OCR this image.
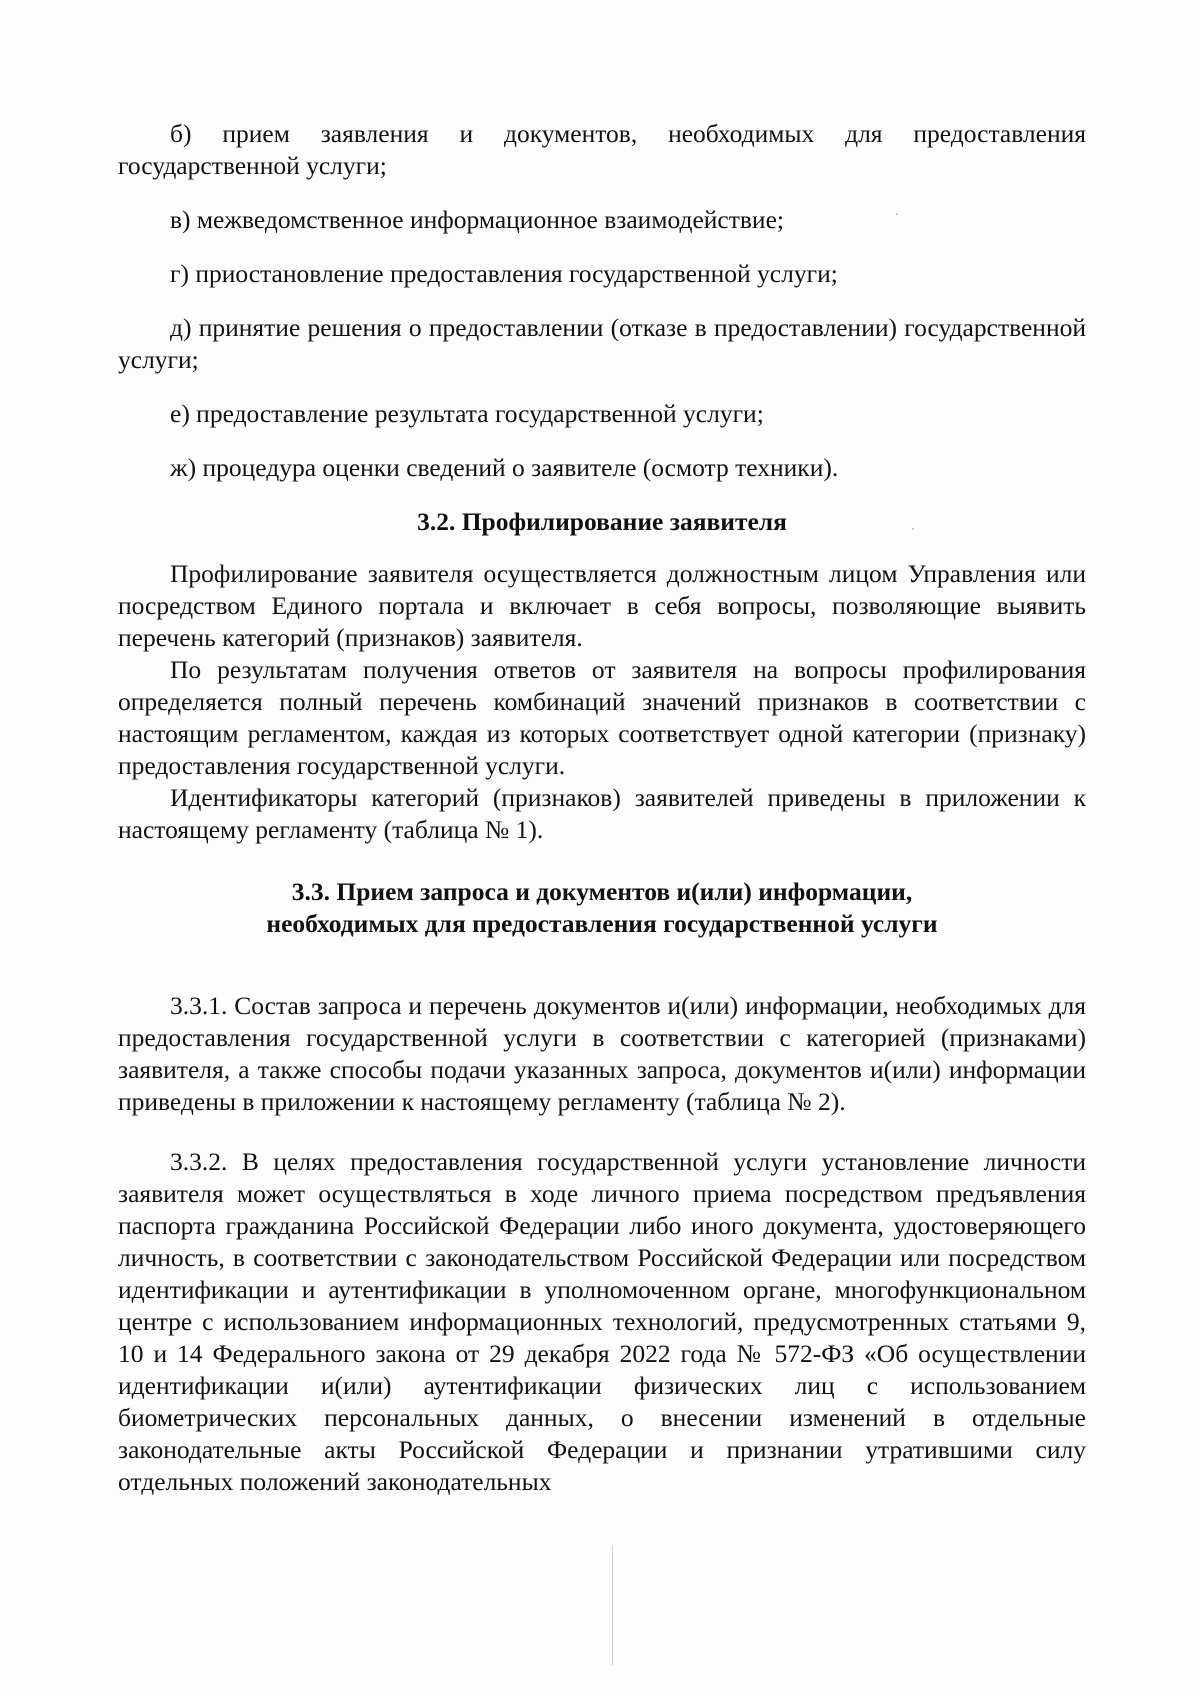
б) прием заявления и документов, необходимых для предоставления государственной услуги;

в) межведомственное информационное взаимодействие;

г) приостановление предоставления государственной услуги;

д) принятие решения о предоставлении (отказе в предоставлении) государственной услуги;

е) предоставление результата государственной услуги;

ж) процедура оценки сведений о заявителе (осмотр техники).

3.2. Профилирование заявителя

Профилирование заявителя осуществляется должностным лицом Управления или посредством Единого портала и включает в себя вопросы, позволяющие выявить перечень категорий (признаков) заявителя.

По результатам получения ответов от заявителя на вопросы профилирования определяется полный перечень комбинаций значений признаков в соответствии с настоящим регламентом, каждая из которых соответствует одной категории (признаку) предоставления государственной услуги.

Идентификаторы категорий (признаков) заявителей приведены в приложении к настоящему регламенту (таблица № 1).

3.3. Прием запроса и документов и(или) информации,
необходимых для предоставления государственной услуги

3.3.1. Состав запроса и перечень документов и(или) информации, необходимых для предоставления государственной услуги в соответствии с категорией (признаками) заявителя, а также способы подачи указанных запроса, документов и(или) информации приведены в приложении к настоящему регламенту (таблица № 2).

3.3.2. В целях предоставления государственной услуги установление личности заявителя может осуществляться в ходе личного приема посредством предъявления паспорта гражданина Российской Федерации либо иного документа, удостоверяющего личность, в соответствии с законодательством Российской Федерации или посредством идентификации и аутентификации в уполномоченном органе, многофункциональном центре с использованием информационных технологий, предусмотренных статьями 9, 10 и 14 Федерального закона от 29 декабря 2022 года № 572-ФЗ «Об осуществлении идентификации и(или) аутентификации физических лиц с использованием биометрических персональных данных, о внесении изменений в отдельные законодательные акты Российской Федерации и признании утратившими силу отдельных положений законодательных
